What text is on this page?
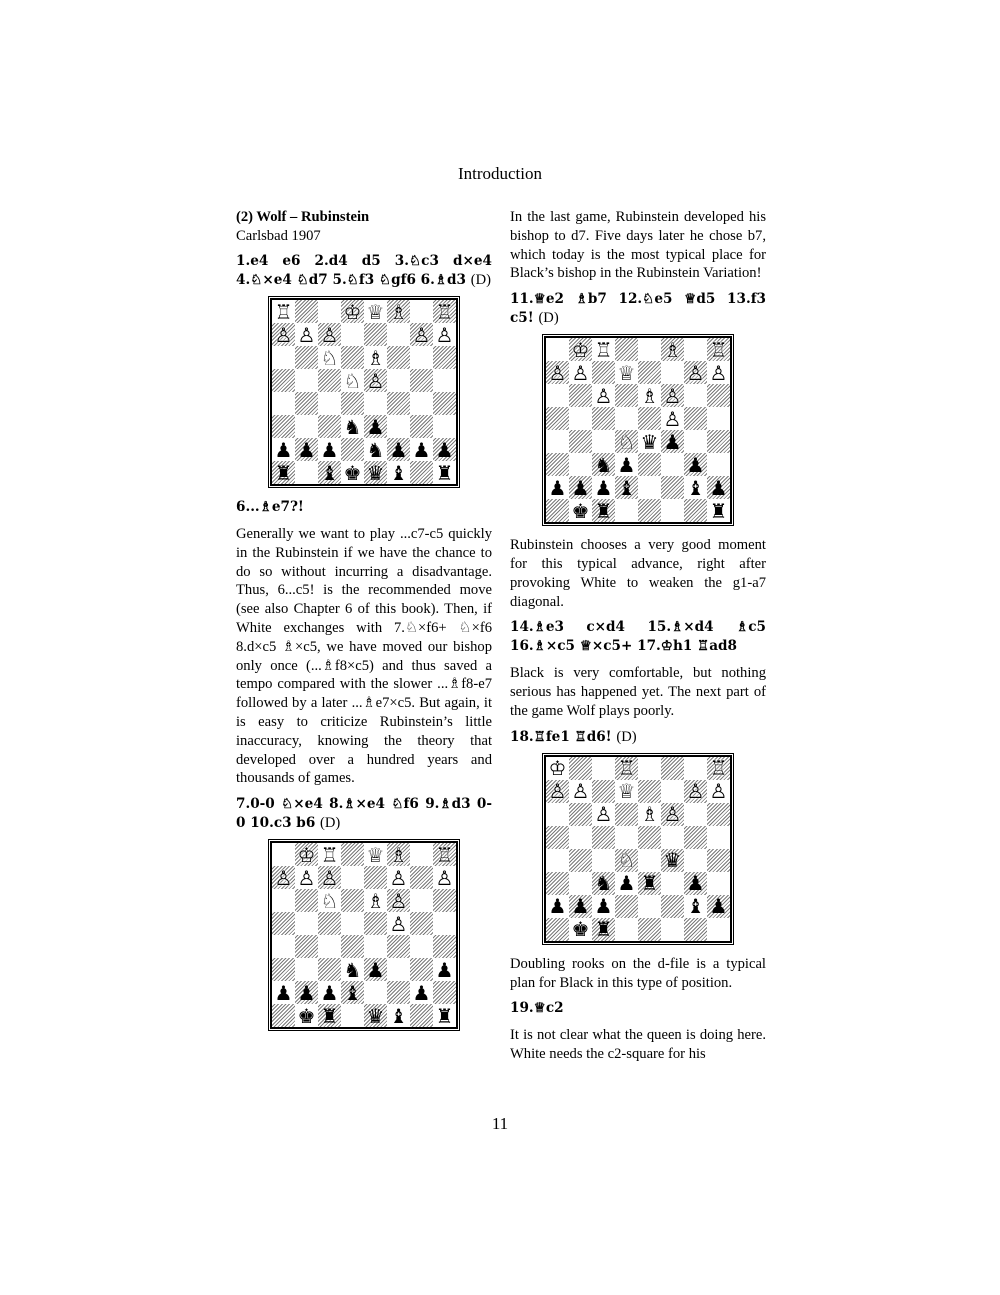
Introduction
(2) Wolf – Rubinstein
Carlsbad 1907

1.e4 e6 2.d4 d5 3.♘c3 d×e4 4.♘×e4 ♘d7 5.♘f3 ♘gf6 6.♗d3 (D)

♖	♔ ♕ ♗ ♖
♙ ♙ ♙	♙ ♙
♘ ♗
♘ ♙
♞ ♟
♟ ♟ ♟ ♞ ♟ ♟ ♟
♜ ♝ ♚ ♛ ♝ ♜

6...♗e7?!

Generally we want to play ...c7-c5 quickly in the Rubinstein if we have the chance to do so without incurring a disadvantage. Thus, 6...c5! is the recommended move (see also Chapter 6 of this book). Then, if White exchanges with 7.♘×f6+ ♘×f6 8.d×c5 ♗×c5, we have moved our bishop only once (...♗f8×c5) and thus saved a tempo compared with the slower ...♗f8-e7 followed by a later ...♗e7×c5. But again, it is easy to criticize Rubinstein’s little inaccuracy, knowing the theory that developed over a hundred years and thousands of games.

7.0-0 ♘×e4 8.♗×e4 ♘f6 9.♗d3 0-0 10.c3 b6 (D)

♔ ♖ ♕ ♗ ♖
♙ ♙ ♙	♙ ♙
♘ ♗ ♙
♙
♞ ♟	♟
♟ ♟ ♟ ♝	♟
♚ ♜ ♛ ♝ ♜

In the last game, Rubinstein developed his bishop to d7. Five days later he chose b7, which today is the most typical place for Black’s bishop in the Rubinstein Variation!

11.♕e2 ♗b7 12.♘e5 ♕d5 13.f3 c5! (D)

♔ ♖	♗ ♖
♙ ♙ ♕	♙ ♙
♙ ♗ ♙
♙
♘ ♛ ♟
♞ ♟	♟
♟ ♟ ♟ ♝	♝ ♟
♚ ♜	♜

Rubinstein chooses a very good moment for this typical advance, right after provoking White to weaken the g1-a7 diagonal.

14.♗e3 c×d4 15.♗×d4 ♗c5 16.♗×c5 ♕×c5+ 17.♔h1 ♖ad8

Black is very comfortable, but nothing serious has happened yet. The next part of the game Wolf plays poorly.

18.♖fe1 ♖d6! (D)

♔	♖	♖
♙ ♙ ♕	♙ ♙
♙ ♗ ♙
♘ ♛
♞ ♟ ♜ ♟
♟ ♟ ♟	♝ ♟
♚ ♜

Doubling rooks on the d-file is a typical plan for Black in this type of position.

19.♕c2

It is not clear what the queen is doing here. White needs the c2-square for his

11
